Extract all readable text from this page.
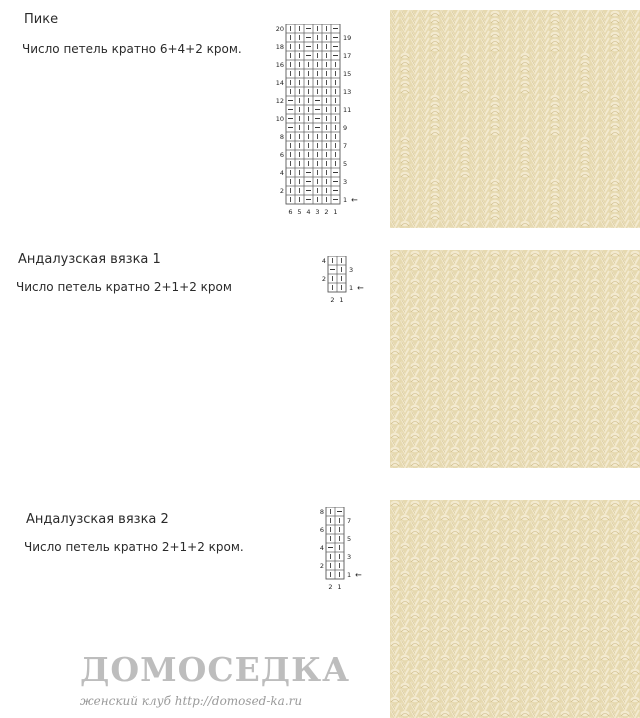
Пике
Число петель кратно 6+4+2 кром.
20
18
16
14
12
10
8
6
4
2
19
17
15
13
11
9
7
5
3
1 ←
6 5 4 3 2 1
Андалузская вязка 1
Число петель кратно 2+1+2 кром
4
2
3
1 ←
2 1
Андалузская вязка 2
Число петель кратно 2+1+2 кром.
8
6
4
2
7
5
3
1 ←
2 1
ДОМОСЕДКА
женский клуб http://domosed-ka.ru
